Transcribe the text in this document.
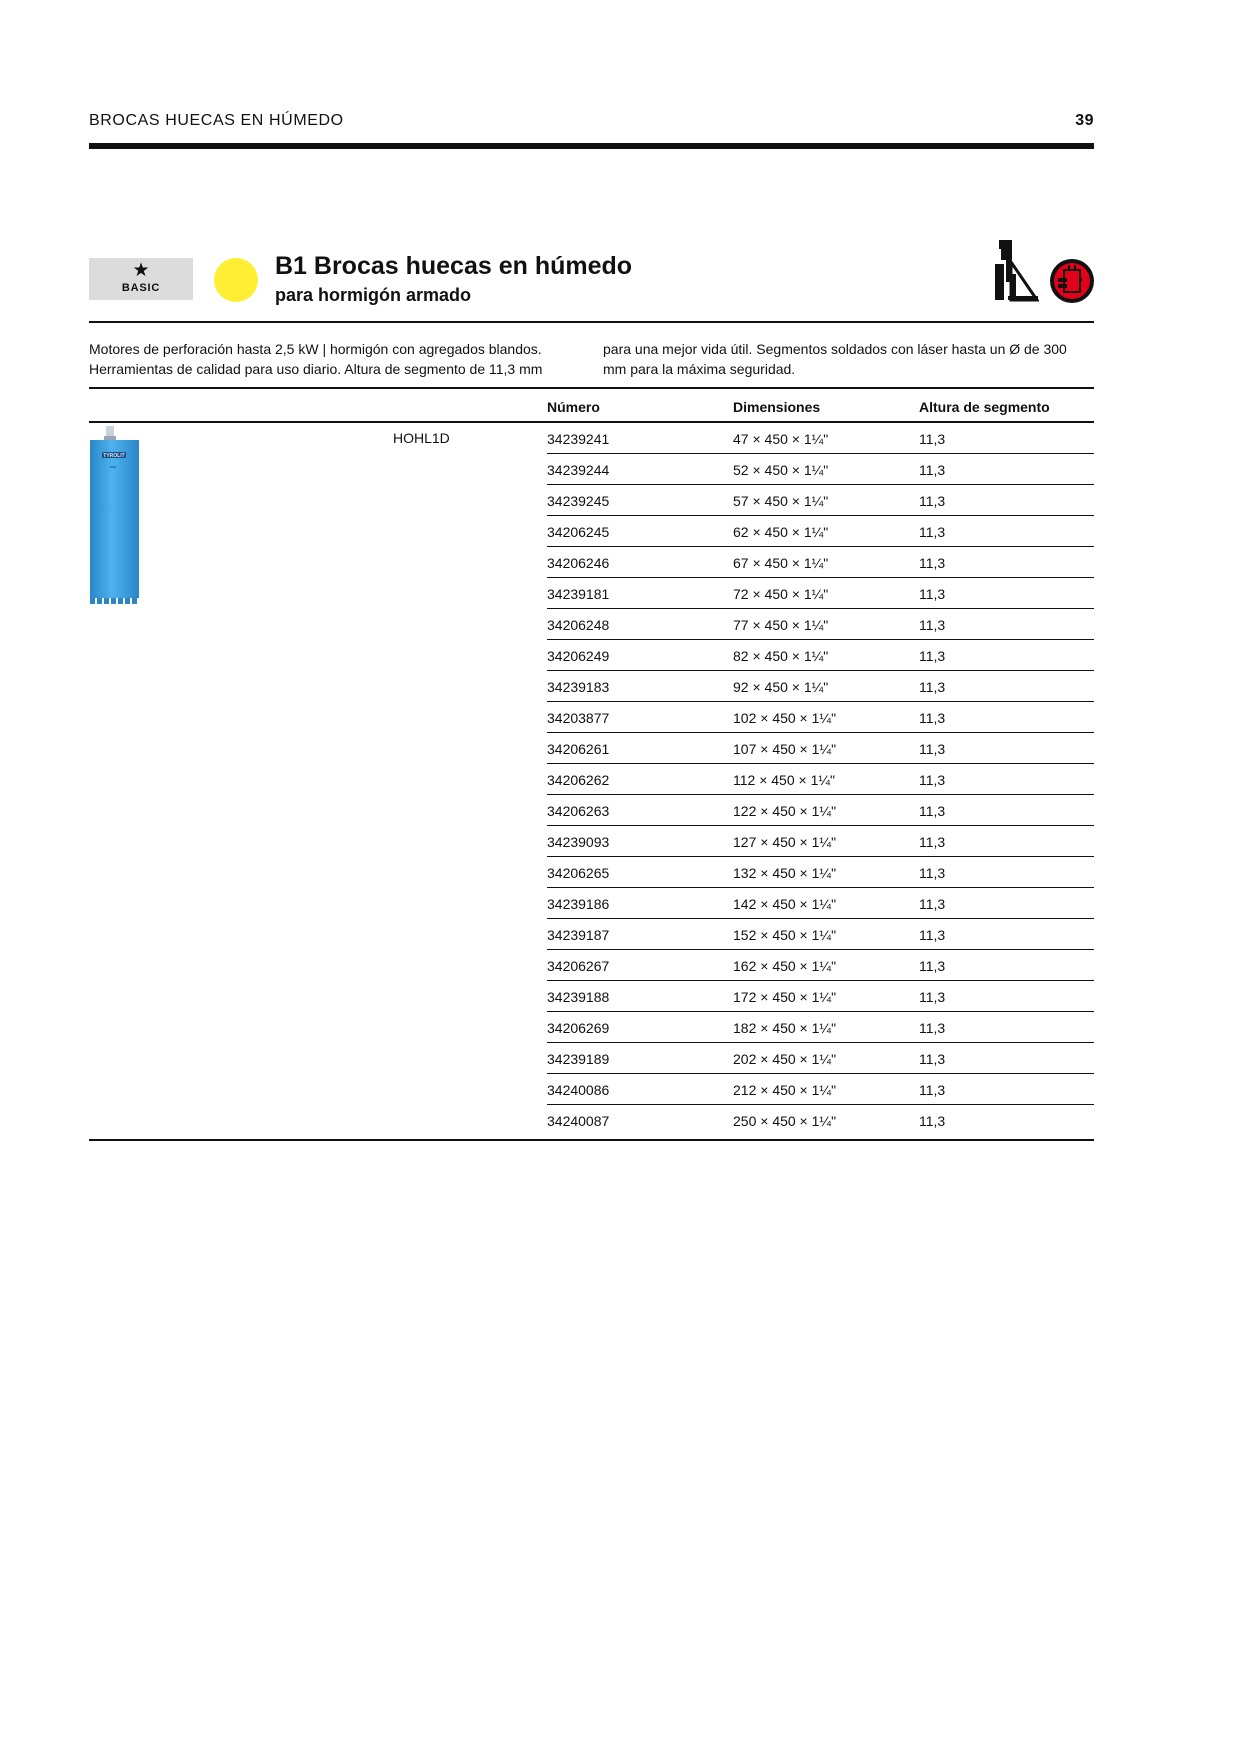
BROCAS HUECAS EN HÚMEDO	39
★
BASIC
B1 Brocas huecas en húmedo
para hormigón armado
Motores de perforación hasta 2,5 kW | hormigón con agregados blandos. Herramientas de calidad para uso diario. Altura de segmento de 11,3 mm
para una mejor vida útil. Segmentos soldados con láser hasta un Ø de 300 mm para la máxima seguridad.
Número	Dimensiones	Altura de segmento
TYROLIT
HOHL1D	34239241	47 × 450 × 1¼"	11,3
34239244	52 × 450 × 1¼"	11,3
34239245	57 × 450 × 1¼"	11,3
34206245	62 × 450 × 1¼"	11,3
34206246	67 × 450 × 1¼"	11,3
34239181	72 × 450 × 1¼"	11,3
34206248	77 × 450 × 1¼"	11,3
34206249	82 × 450 × 1¼"	11,3
34239183	92 × 450 × 1¼"	11,3
34203877	102 × 450 × 1¼"	11,3
34206261	107 × 450 × 1¼"	11,3
34206262	112 × 450 × 1¼"	11,3
34206263	122 × 450 × 1¼"	11,3
34239093	127 × 450 × 1¼"	11,3
34206265	132 × 450 × 1¼"	11,3
34239186	142 × 450 × 1¼"	11,3
34239187	152 × 450 × 1¼"	11,3
34206267	162 × 450 × 1¼"	11,3
34239188	172 × 450 × 1¼"	11,3
34206269	182 × 450 × 1¼"	11,3
34239189	202 × 450 × 1¼"	11,3
34240086	212 × 450 × 1¼"	11,3
34240087	250 × 450 × 1¼"	11,3
